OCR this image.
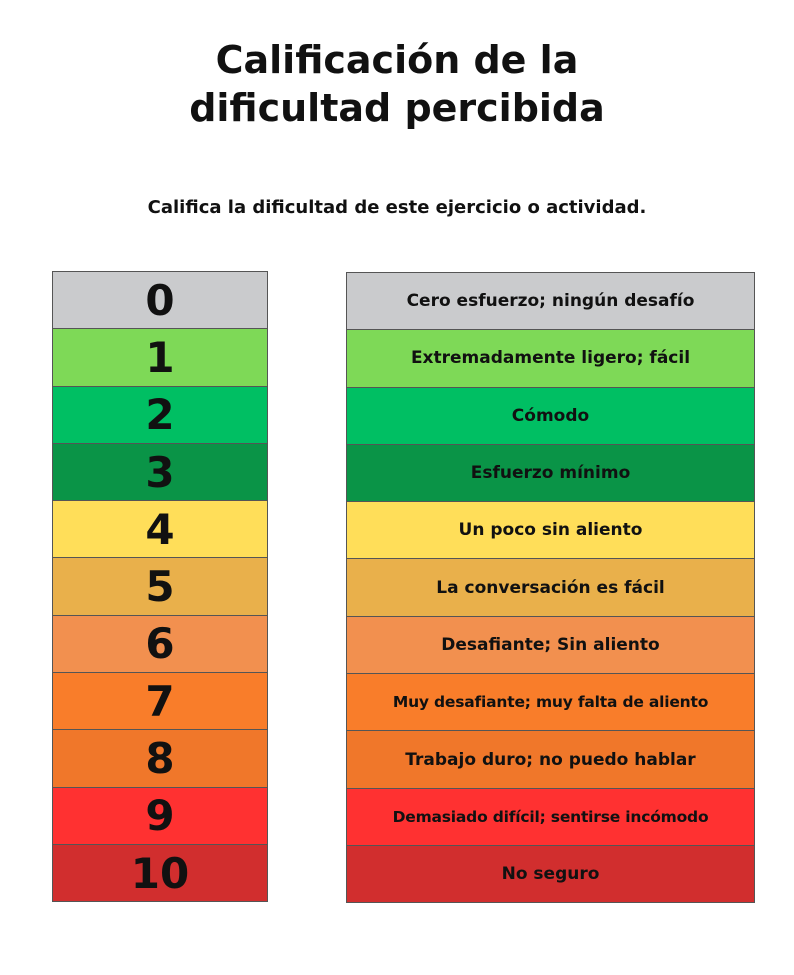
Calificación de la
dificultad percibida
Califica la dificultad de este ejercicio o actividad.
0
1
2
3
4
5
6
7
8
9
10
Cero esfuerzo; ningún desafío
Extremadamente ligero; fácil
Cómodo
Esfuerzo mínimo
Un poco sin aliento
La conversación es fácil
Desafiante; Sin aliento
Muy desafiante; muy falta de aliento
Trabajo duro; no puedo hablar
Demasiado difícil; sentirse incómodo
No seguro
